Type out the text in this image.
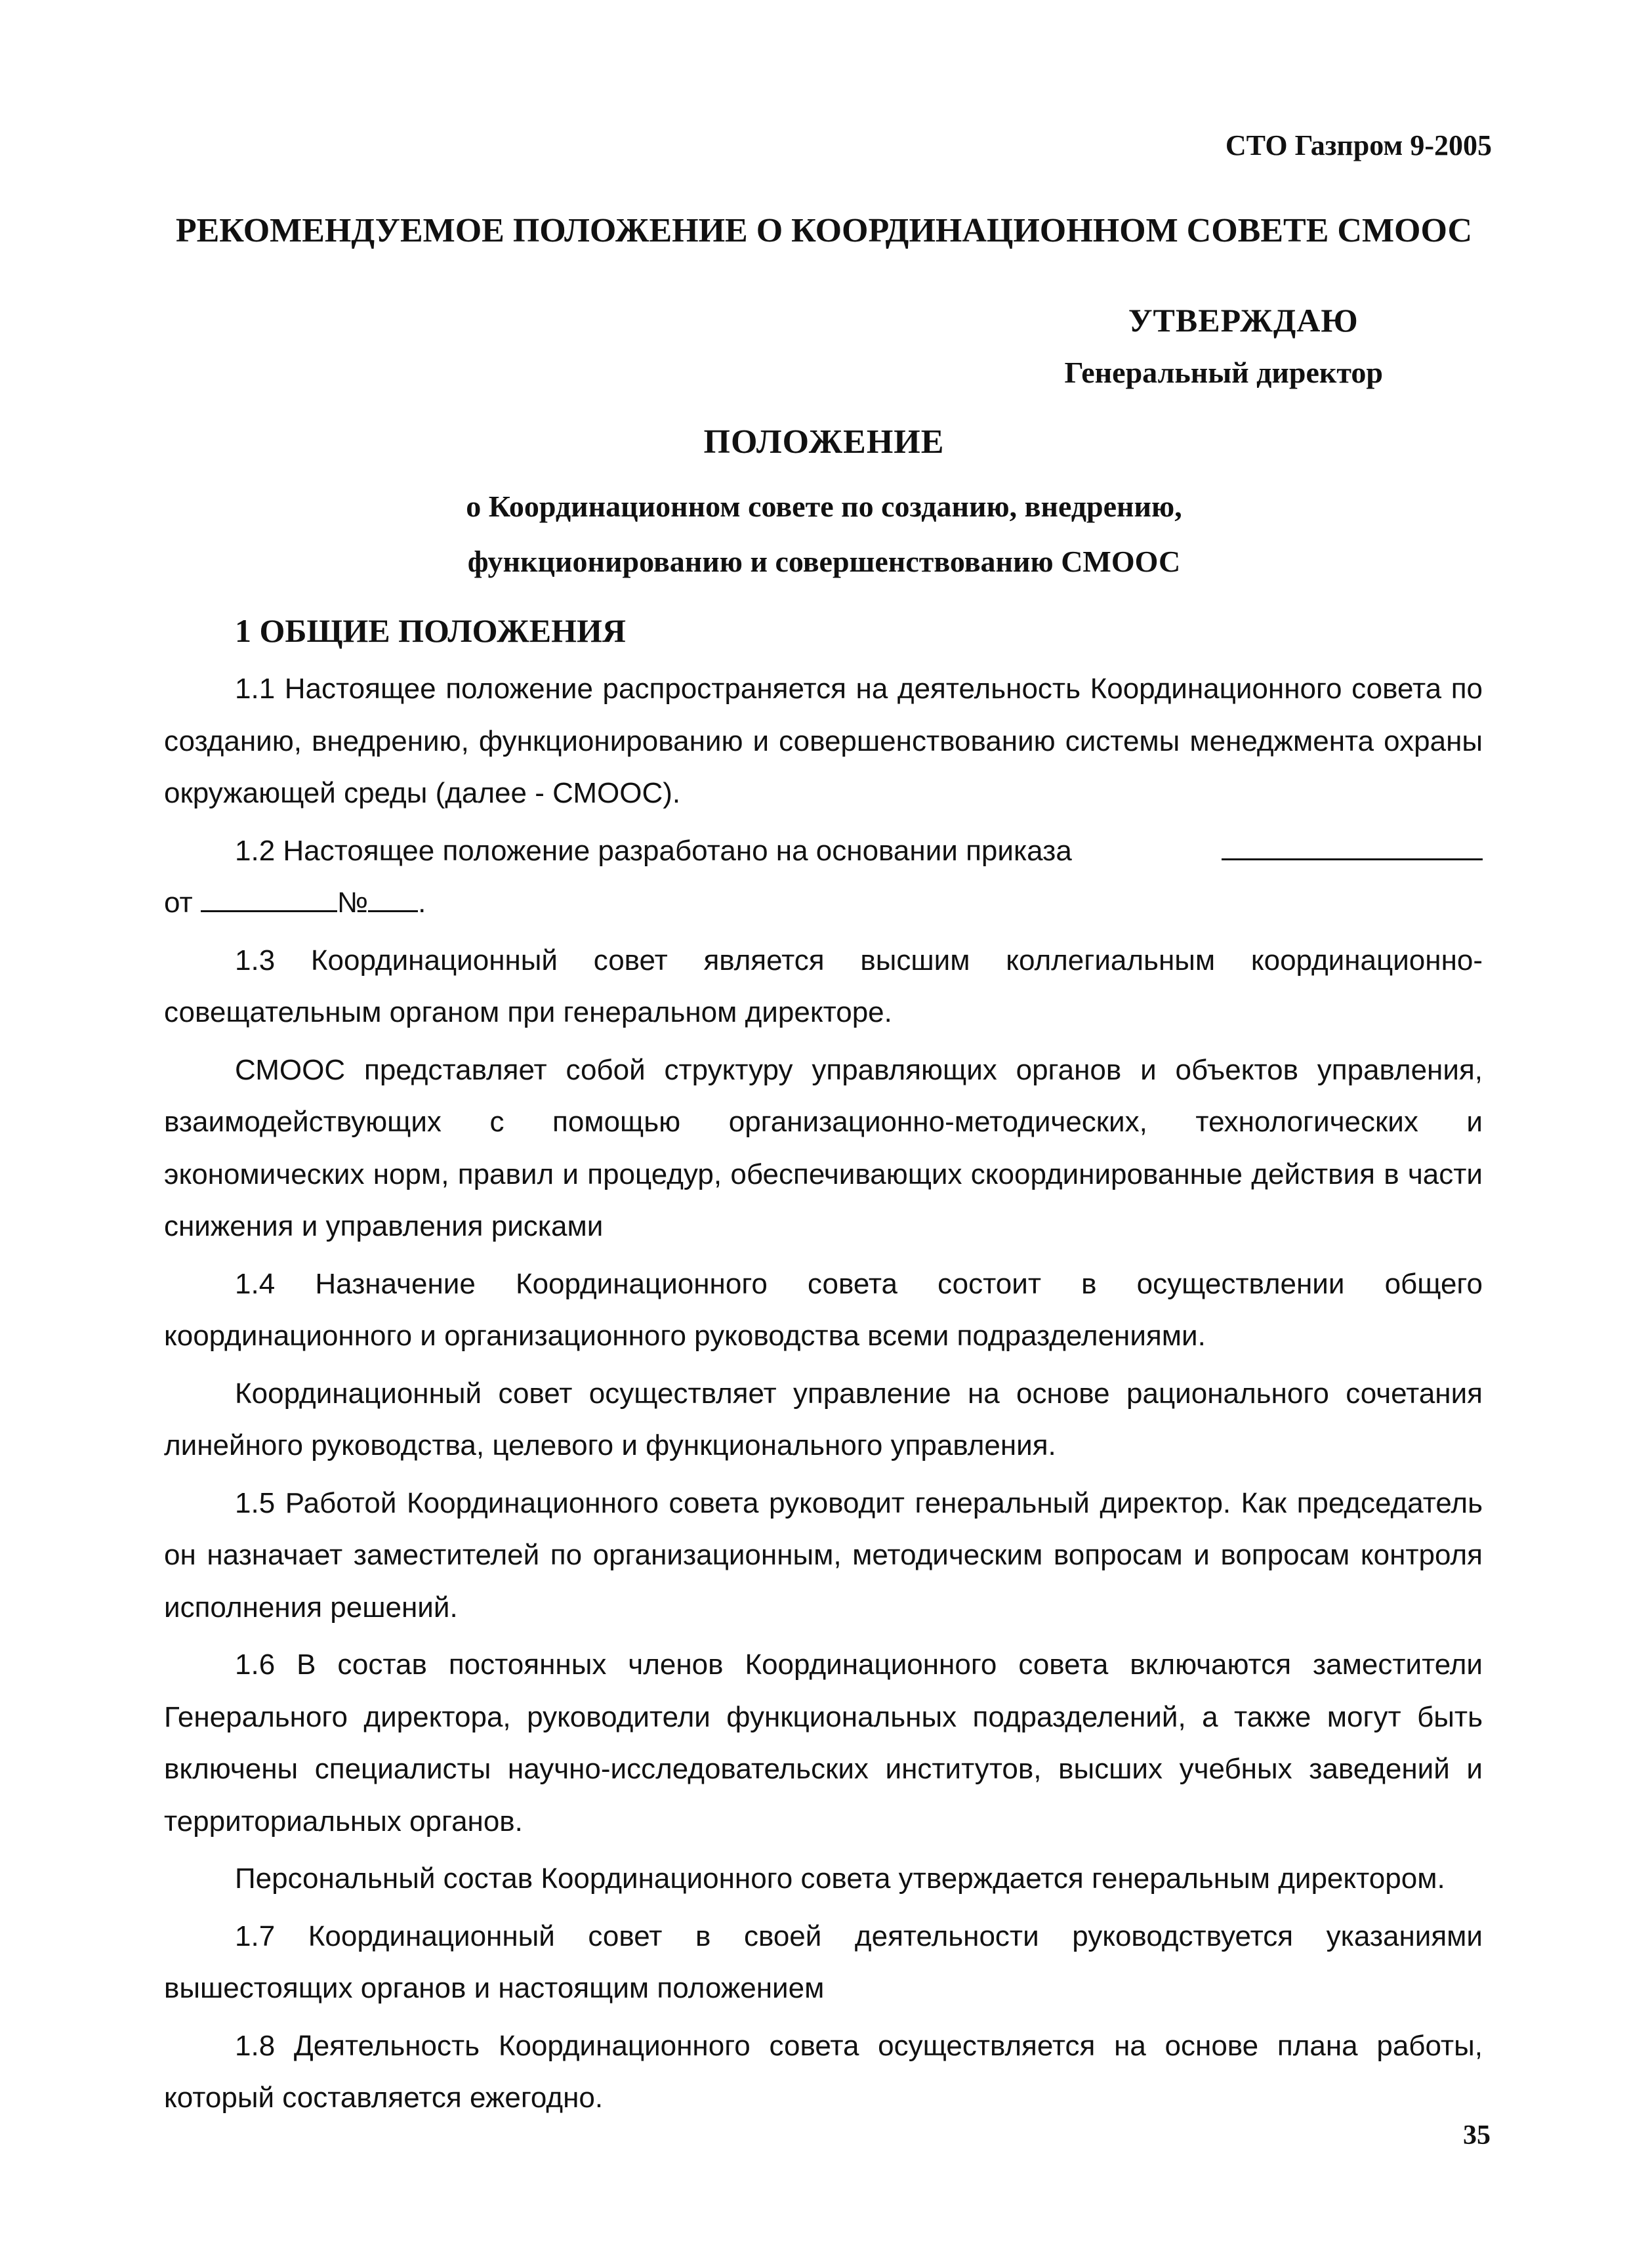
СТО Газпром 9-2005
РЕКОМЕНДУЕМОЕ ПОЛОЖЕНИЕ О КООРДИНАЦИОННОМ СОВЕТЕ СМООС
УТВЕРЖДАЮ
Генеральный директор
ПОЛОЖЕНИЕ
о Координационном совете по созданию, внедрению,
функционированию и совершенствованию СМООС
1 ОБЩИЕ ПОЛОЖЕНИЯ

1.1 Настоящее положение распространяется на деятельность Координационного совета по созданию, внедрению, функционированию и совершенствованию системы менеджмента охраны окружающей среды (далее - СМООС).

1.2 Настоящее положение разработано на основании приказа

от	№ .

1.3 Координационный совет является высшим коллегиальным координационно-совещательным органом при генеральном директоре.

СМООС представляет собой структуру управляющих органов и объектов управления, взаимодействующих с помощью организационно-методических, технологических и экономических норм, правил и процедур, обеспечивающих скоординированные действия в части снижения и управления рисками

1.4 Назначение Координационного совета состоит в осуществлении общего координационного и организационного руководства всеми подразделениями.

Координационный совет осуществляет управление на основе рационального сочетания линейного руководства, целевого и функционального управления.

1.5 Работой Координационного совета руководит генеральный директор. Как председатель он назначает заместителей по организационным, методическим вопросам и вопросам контроля исполнения решений.

1.6 В состав постоянных членов Координационного совета включаются заместители Генерального директора, руководители функциональных подразделений, а также могут быть включены специалисты научно-исследовательских институтов, высших учебных заведений и территориальных органов.

Персональный состав Координационного совета утверждается генеральным директором.

1.7 Координационный совет в своей деятельности руководствуется указаниями вышестоящих органов и настоящим положением

1.8 Деятельность Координационного совета осуществляется на основе плана работы, который составляется ежегодно.

35
